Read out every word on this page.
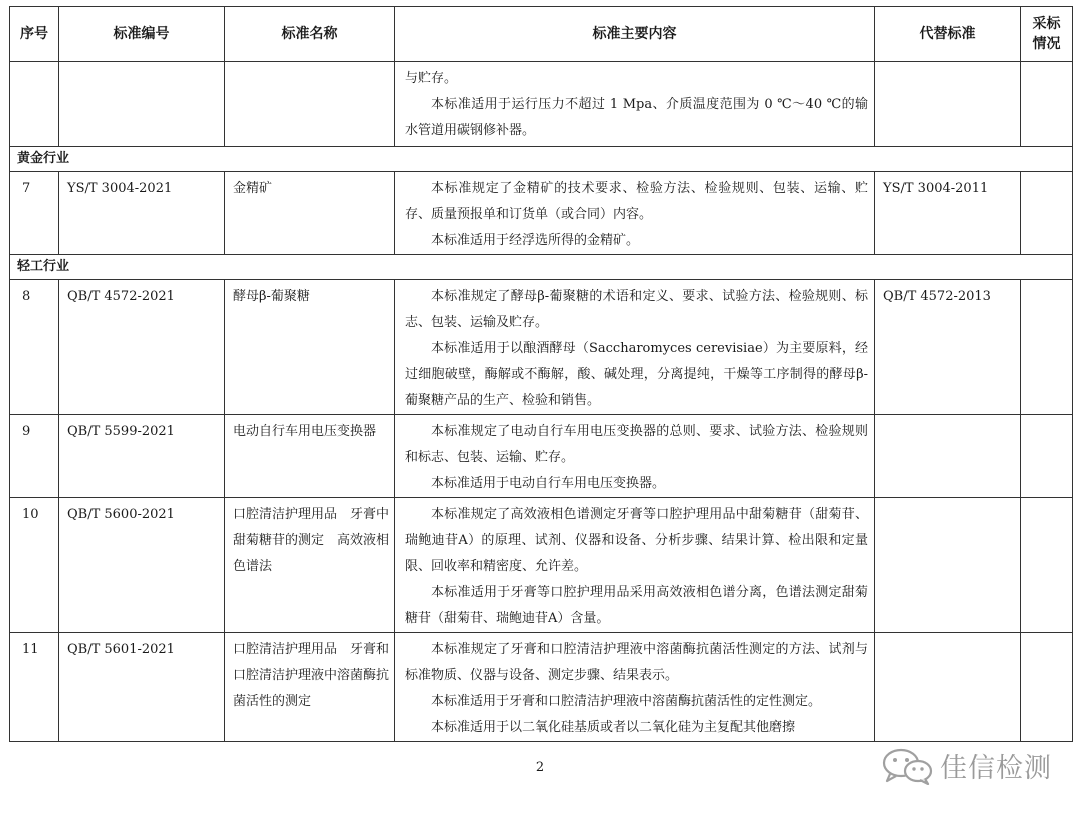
序号	标准编号	标准名称	标准主要内容	代替标准	采标
情况

			与贮存。

本标准适用于运行压力不超过 1 Mpa、介质温度范围为 0 ℃～40 ℃的输水管道用碳钢修补器。		

黄金行业					
7	YS/T 3004-2021	金精矿	本标准规定了金精矿的技术要求、检验方法、检验规则、包装、运输、贮存、质量预报单和订货单（或合同）内容。

本标准适用于经浮选所得的金精矿。	YS/T 3004-2011	
轻工行业					
8	QB/T 4572-2021	酵母β-葡聚糖	本标准规定了酵母β-葡聚糖的术语和定义、要求、试验方法、检验规则、标志、包装、运输及贮存。

本标准适用于以酿酒酵母（Saccharomyces cerevisiae）为主要原料，经过细胞破壁，酶解或不酶解，酸、碱处理，分离提纯，干燥等工序制得的酵母β-葡聚糖产品的生产、检验和销售。	QB/T 4572-2013	
9	QB/T 5599-2021	电动自行车用电压变换器	本标准规定了电动自行车用电压变换器的总则、要求、试验方法、检验规则和标志、包装、运输、贮存。

本标准适用于电动自行车用电压变换器。		

10	QB/T 5600-2021	口腔清洁护理用品　牙膏中甜菊糖苷的测定　高效液相色谱法	本标准规定了高效液相色谱测定牙膏等口腔护理用品中甜菊糖苷（甜菊苷、瑞鲍迪苷A）的原理、试剂、仪器和设备、分析步骤、结果计算、检出限和定量限、回收率和精密度、允许差。

本标准适用于牙膏等口腔护理用品采用高效液相色谱分离，色谱法测定甜菊糖苷（甜菊苷、瑞鲍迪苷A）含量。		

11	QB/T 5601-2021	口腔清洁护理用品　牙膏和口腔清洁护理液中溶菌酶抗菌活性的测定	本标准规定了牙膏和口腔清洁护理液中溶菌酶抗菌活性测定的方法、试剂与标准物质、仪器与设备、测定步骤、结果表示。

本标准适用于牙膏和口腔清洁护理液中溶菌酶抗菌活性的定性测定。

本标准适用于以二氧化硅基质或者以二氧化硅为主复配其他磨擦		

2	佳信检测
